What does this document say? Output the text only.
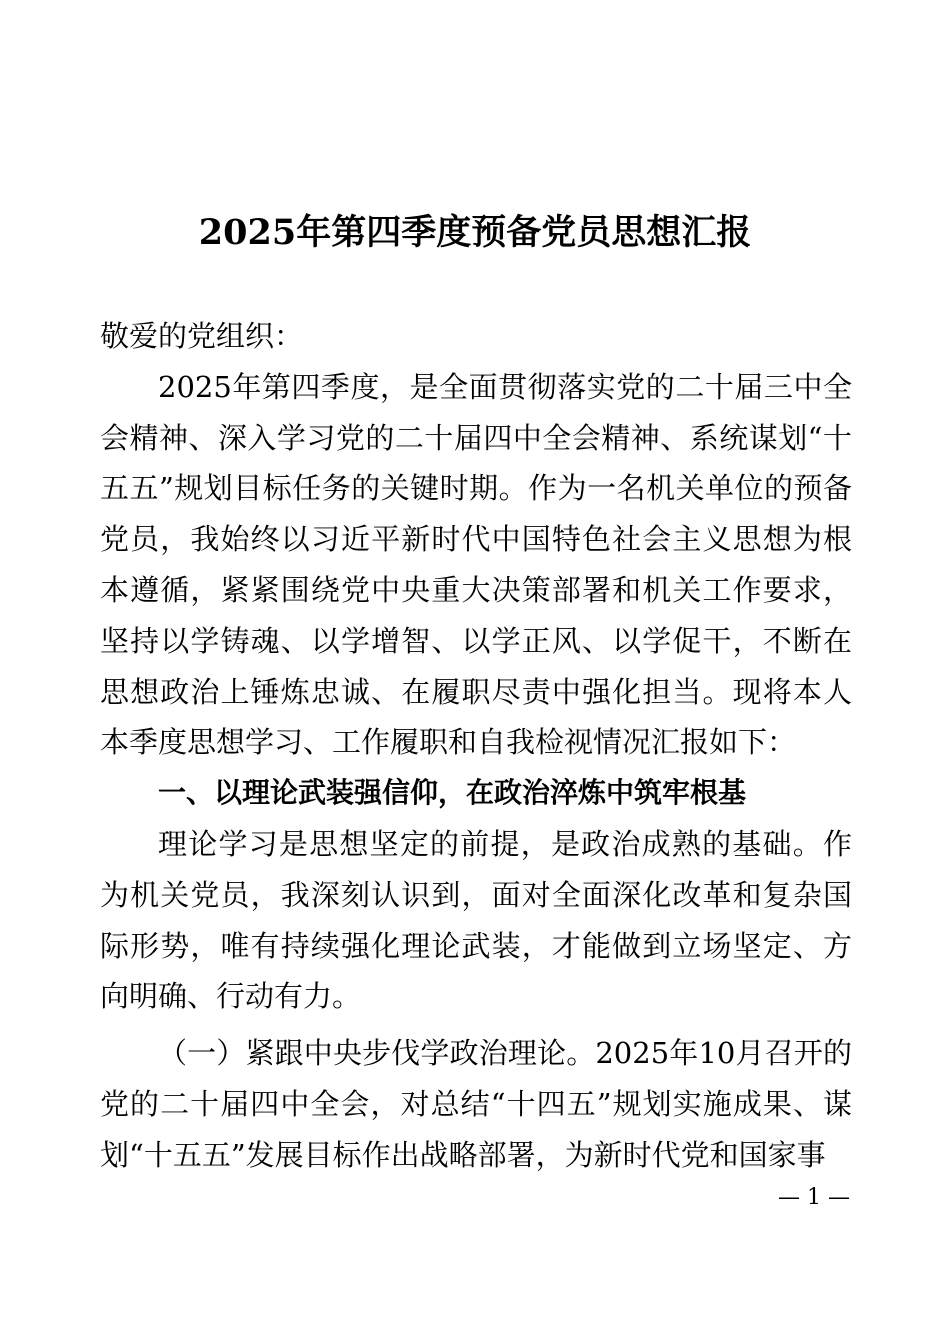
2025年第四季度预备党员思想汇报

敬爱的党组织：

2025年第四季度，是全面贯彻落实党的二十届三中全会精神、深入学习党的二十届四中全会精神、系统谋划“十五五”规划目标任务的关键时期。作为一名机关单位的预备党员，我始终以习近平新时代中国特色社会主义思想为根本遵循，紧紧围绕党中央重大决策部署和机关工作要求，坚持以学铸魂、以学增智、以学正风、以学促干，不断在思想政治上锤炼忠诚、在履职尽责中强化担当。现将本人本季度思想学习、工作履职和自我检视情况汇报如下：

一、以理论武装强信仰，在政治淬炼中筑牢根基

理论学习是思想坚定的前提，是政治成熟的基础。作为机关党员，我深刻认识到，面对全面深化改革和复杂国际形势，唯有持续强化理论武装，才能做到立场坚定、方向明确、行动有力。

（一）紧跟中央步伐学政治理论。2025年10月召开的党的二十届四中全会，对总结“十四五”规划实施成果、谋划“十五五”发展目标作出战略部署，为新时代党和国家事

— 1 —
